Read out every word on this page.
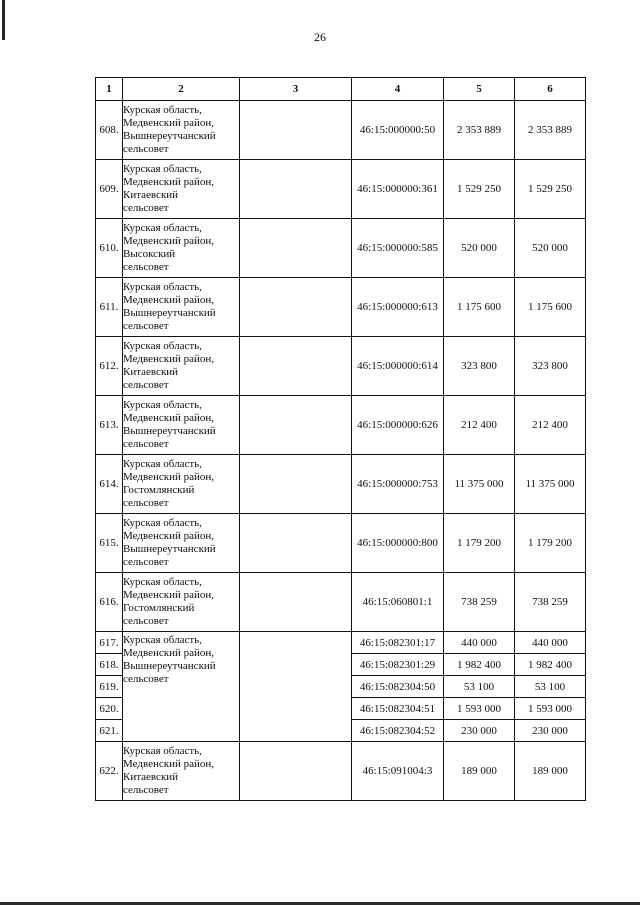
26
1	2	3	4	5	6
608.	Курская область,
Медвенский район,
Вышнереутчанский
сельсовет		46:15:000000:50	2 353 889	2 353 889
609.	Курская область,
Медвенский район,
Китаевский
сельсовет		46:15:000000:361	1 529 250	1 529 250
610.	Курская область,
Медвенский район,
Высокский
сельсовет		46:15:000000:585	520 000	520 000
611.	Курская область,
Медвенский район,
Вышнереутчанский
сельсовет		46:15:000000:613	1 175 600	1 175 600
612.	Курская область,
Медвенский район,
Китаевский
сельсовет		46:15:000000:614	323 800	323 800
613.	Курская область,
Медвенский район,
Вышнереутчанский
сельсовет		46:15:000000:626	212 400	212 400
614.	Курская область,
Медвенский район,
Гостомлянский
сельсовет		46:15:000000:753	11 375 000	11 375 000
615.	Курская область,
Медвенский район,
Вышнереутчанский
сельсовет		46:15:000000:800	1 179 200	1 179 200
616.	Курская область,
Медвенский район,
Гостомлянский
сельсовет		46:15:060801:1	738 259	738 259
617.	Курская область,
Медвенский район,
Вышнереутчанский
сельсовет		46:15:082301:17	440 000	440 000
618.			46:15:082301:29	1 982 400	1 982 400
619.			46:15:082304:50	53 100	53 100
620.			46:15:082304:51	1 593 000	1 593 000
621.			46:15:082304:52	230 000	230 000
622.	Курская область,
Медвенский район,
Китаевский
сельсовет		46:15:091004:3	189 000	189 000
